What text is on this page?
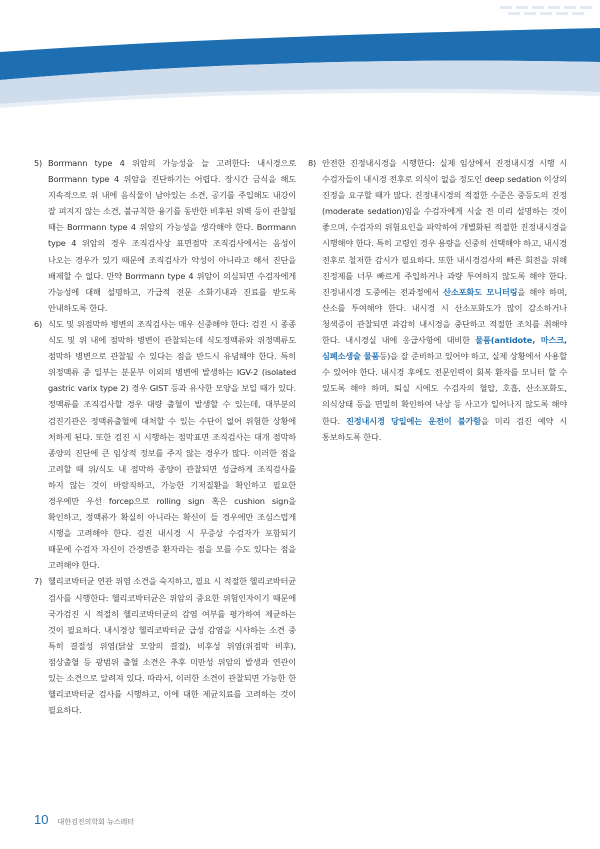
5) Borrmann type 4 위암의 가능성을 늘 고려한다: 내시경으로 Borrmann type 4 위암을 진단하기는 어렵다. 장시간 금식을 해도 지속적으로 위 내에 음식물이 남아있는 소견, 공기를 주입해도 내강이 잘 펴지지 않는 소견, 불규칙한 융기를 동반한 비후된 위벽 등이 관찰될 때는 Borrmann type 4 위암의 가능성을 생각해야 한다. Borrmann type 4 위암의 경우 조직검사상 표면점막 조직검사에서는 음성이 나오는 경우가 있기 때문에 조직검사가 악성이 아니라고 해서 진단을 배제할 수 없다. 만약 Borrmann type 4 위암이 의심되면 수검자에게 가능성에 대해 설명하고, 가급적 전문 소화기내과 진료를 받도록 안내하도록 한다.
6) 식도 및 위점막하 병변의 조직검사는 매우 신중해야 한다: 검진 시 종종 식도 및 위 내에 점막하 병변이 관찰되는데 식도정맥류와 위정맥류도 점막하 병변으로 관찰될 수 있다는 점을 반드시 유념해야 한다. 특히 위정맥류 중 일부는 분문부 이외의 병변에 발생하는 IGV-2 (isolated gastric varix type 2) 경우 GIST 등과 유사한 모양을 보일 때가 있다. 정맥류를 조직검사할 경우 대량 출혈이 발생할 수 있는데, 대부분의 검진기관은 정맥류출혈에 대처할 수 있는 수단이 없어 위험한 상황에 처하게 된다. 또한 검진 시 시행하는 점막표면 조직검사는 대개 점막하 종양의 진단에 큰 임상적 정보를 주지 않는 경우가 많다. 이러한 점을 고려할 때 위/식도 내 점막하 종양이 관찰되면 성급하게 조직검사를 하지 않는 것이 바람직하고, 가능한 기저질환을 확인하고 필요한 경우에만 우선 forcep으로 rolling sign 혹은 cushion sign을 확인하고, 정맥류가 확실히 아니라는 확신이 들 경우에만 조심스럽게 시행을 고려해야 한다. 검진 내시경 시 무증상 수검자가 포함되기 때문에 수검자 자신이 간경변증 환자라는 점을 모를 수도 있다는 점을 고려해야 한다.
7) 헬리코박터균 연관 위염 소견을 숙지하고, 필요 시 적절한 헬리코박터균 검사를 시행한다: 헬리코박터균은 위암의 중요한 위험인자이기 때문에 국가검진 시 적절히 헬리코박터균의 감염 여부를 평가하여 제균하는 것이 필요하다. 내시경상 헬리코박터균 급성 감염을 시사하는 소견 중 특히 결절성 위염(닭살 모양의 결절), 비후성 위염(위점막 비후), 점상출혈 등 광범위 출혈 소견은 추후 미만성 위암의 발생과 연관이 있는 소견으로 알려져 있다. 따라서, 이러한 소견이 관찰되면 가능한 한 헬리코박터균 검사를 시행하고, 이에 대한 제균치료를 고려하는 것이 필요하다.
8) 안전한 진정내시경을 시행한다: 실제 임상에서 진정내시경 시행 시 수검자들이 내시경 전후로 의식이 없을 정도인 deep sedation 이상의 진정을 요구할 때가 많다. 진정내시경의 적절한 수준은 중등도의 진정(moderate sedation)임을 수검자에게 시술 전 미리 설명하는 것이 좋으며, 수검자의 위험요인을 파악하여 개별화된 적절한 진정내시경을 시행해야 한다. 특히 고령인 경우 용량을 신중히 선택해야 하고, 내시경 전후로 철저한 감시가 필요하다. 또한 내시경검사의 빠른 회전을 위해 진정제를 너무 빠르게 주입하거나 과량 투여하지 않도록 해야 한다. 진정내시경 도중에는 전과정에서 산소포화도 모니터링을 해야 하며, 산소를 투여해야 한다. 내시경 시 산소포화도가 많이 감소하거나 청색증이 관찰되면 과감히 내시경을 중단하고 적절한 조치를 취해야 한다. 내시경실 내에 응급사항에 대비한 물품(antidote, 마스크, 심폐소생술 물품등)을 잘 준비하고 있어야 하고, 실제 상황에서 사용할 수 있어야 한다. 내시경 후에도 전문인력이 회복 환자를 모니터 할 수 있도록 해야 하며, 퇴실 시에도 수검자의 혈압, 호흡, 산소포화도, 의식상태 등을 면밀히 확인하여 낙상 등 사고가 일어나지 않도록 해야 한다. 진정내시경 당일에는 운전이 불가함을 미리 검진 예약 시 통보하도록 한다.
10 대한검진의학회 뉴스레터
